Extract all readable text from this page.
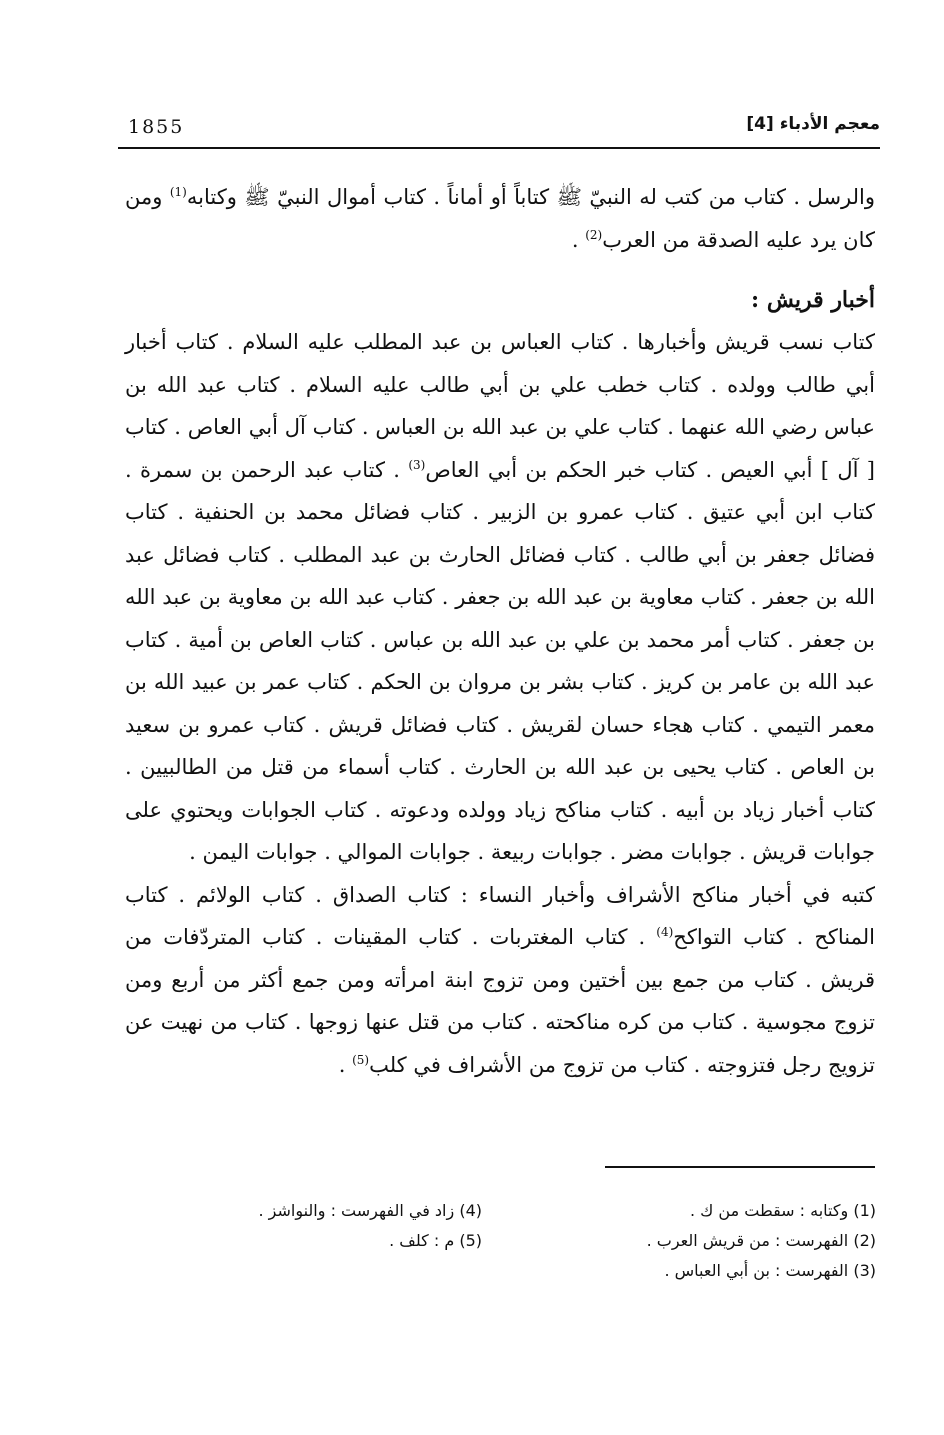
1855	معجم الأدباء [4]

والرسل . كتاب من كتب له النبيّ ﷺ كتاباً أو أماناً . كتاب أموال النبيّ ﷺ وكتابه$^{(1)}$ ومن كان يرد عليه الصدقة من العرب$^{(2)}$ .

أخبار قريش :

كتاب نسب قريش وأخبارها . كتاب العباس بن عبد المطلب عليه السلام . كتاب أخبار أبي طالب وولده . كتاب خطب علي بن أبي طالب عليه السلام . كتاب عبد الله بن عباس رضي الله عنهما . كتاب علي بن عبد الله بن العباس . كتاب آل أبي العاص . كتاب [ آل ] أبي العيص . كتاب خبر الحكم بن أبي العاص$^{(3)}$ . كتاب عبد الرحمن بن سمرة . كتاب ابن أبي عتيق . كتاب عمرو بن الزبير . كتاب فضائل محمد بن الحنفية . كتاب فضائل جعفر بن أبي طالب . كتاب فضائل الحارث بن عبد المطلب . كتاب فضائل عبد الله بن جعفر . كتاب معاوية بن عبد الله بن جعفر . كتاب عبد الله بن معاوية بن عبد الله بن جعفر . كتاب أمر محمد بن علي بن عبد الله بن عباس . كتاب العاص بن أمية . كتاب عبد الله بن عامر بن كريز . كتاب بشر بن مروان بن الحكم . كتاب عمر بن عبيد الله بن معمر التيمي . كتاب هجاء حسان لقريش . كتاب فضائل قريش . كتاب عمرو بن سعيد بن العاص . كتاب يحيى بن عبد الله بن الحارث . كتاب أسماء من قتل من الطالبيين . كتاب أخبار زياد بن أبيه . كتاب مناكح زياد وولده ودعوته . كتاب الجوابات ويحتوي على جوابات قريش . جوابات مضر . جوابات ربيعة . جوابات الموالي . جوابات اليمن .

كتبه في أخبار مناكح الأشراف وأخبار النساء : كتاب الصداق . كتاب الولائم . كتاب المناكح . كتاب التواكح$^{(4)}$ . كتاب المغتربات . كتاب المقينات . كتاب المتردّفات من قريش . كتاب من جمع بين أختين ومن تزوج ابنة امرأته ومن جمع أكثر من أربع ومن تزوج مجوسية . كتاب من كره مناكحته . كتاب من قتل عنها زوجها . كتاب من نهيت عن تزويج رجل فتزوجته . كتاب من تزوج من الأشراف في كلب$^{(5)}$ .

(1) وكتابه : سقطت من ك .
(2) الفهرست : من قريش العرب .
(3) الفهرست : بن أبي العباس .
(4) زاد في الفهرست : والنواشز .
(5) م : كلف .
